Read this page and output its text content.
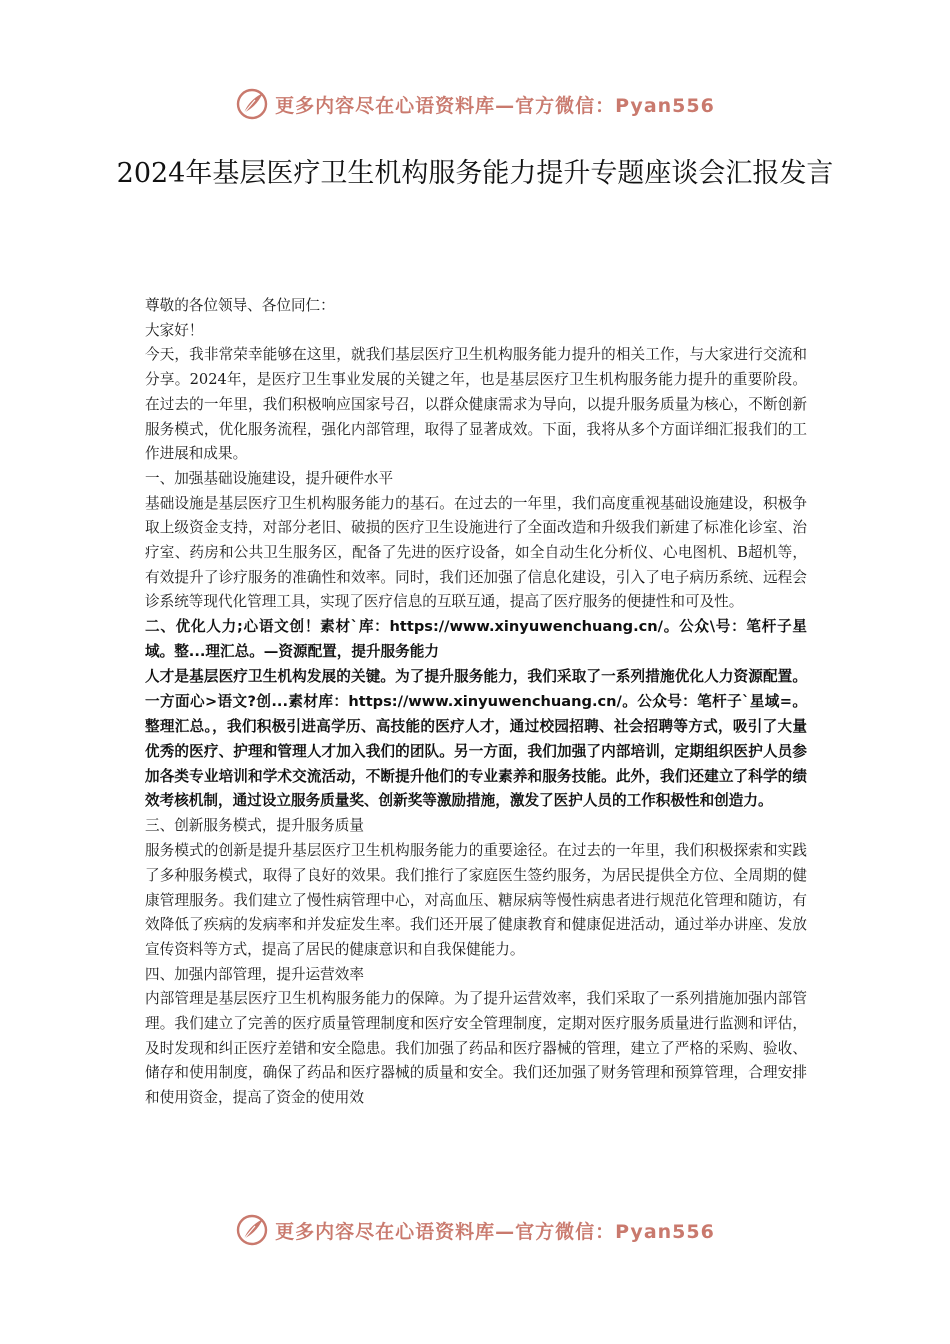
更多内容尽在心语资料库—官方微信：Pyan556
2024年基层医疗卫生机构服务能力提升专题座谈会汇报发言

尊敬的各位领导、各位同仁：

大家好！

今天，我非常荣幸能够在这里，就我们基层医疗卫生机构服务能力提升的相关工作，与大家进行交流和分享。2024年，是医疗卫生事业发展的关键之年，也是基层医疗卫生机构服务能力提升的重要阶段。在过去的一年里，我们积极响应国家号召，以群众健康需求为导向，以提升服务质量为核心，不断创新服务模式，优化服务流程，强化内部管理，取得了显著成效。下面，我将从多个方面详细汇报我们的工作进展和成果。

一、加强基础设施建设，提升硬件水平

基础设施是基层医疗卫生机构服务能力的基石。在过去的一年里，我们高度重视基础设施建设，积极争取上级资金支持，对部分老旧、破损的医疗卫生设施进行了全面改造和升级我们新建了标准化诊室、治疗室、药房和公共卫生服务区，配备了先进的医疗设备，如全自动生化分析仪、心电图机、B超机等，有效提升了诊疗服务的准确性和效率。同时，我们还加强了信息化建设，引入了电子病历系统、远程会诊系统等现代化管理工具，实现了医疗信息的互联互通，提高了医疗服务的便捷性和可及性。

二、优化人力;心语文创！素材`库：https://www.xinyuwenchuang.cn/。公众\号：笔杆子星域。整...理汇总。—资源配置，提升服务能力

人才是基层医疗卫生机构发展的关键。为了提升服务能力，我们采取了一系列措施优化人力资源配置。一方面心>语文?创...素材库：https://www.xinyuwenchuang.cn/。公众号：笔杆子`星域=。整理汇总。，我们积极引进高学历、高技能的医疗人才，通过校园招聘、社会招聘等方式，吸引了大量优秀的医疗、护理和管理人才加入我们的团队。另一方面，我们加强了内部培训，定期组织医护人员参加各类专业培训和学术交流活动，不断提升他们的专业素养和服务技能。此外，我们还建立了科学的绩效考核机制，通过设立服务质量奖、创新奖等激励措施，激发了医护人员的工作积极性和创造力。

三、创新服务模式，提升服务质量

服务模式的创新是提升基层医疗卫生机构服务能力的重要途径。在过去的一年里，我们积极探索和实践了多种服务模式，取得了良好的效果。我们推行了家庭医生签约服务，为居民提供全方位、全周期的健康管理服务。我们建立了慢性病管理中心，对高血压、糖尿病等慢性病患者进行规范化管理和随访，有效降低了疾病的发病率和并发症发生率。我们还开展了健康教育和健康促进活动，通过举办讲座、发放宣传资料等方式，提高了居民的健康意识和自我保健能力。

四、加强内部管理，提升运营效率

内部管理是基层医疗卫生机构服务能力的保障。为了提升运营效率，我们采取了一系列措施加强内部管理。我们建立了完善的医疗质量管理制度和医疗安全管理制度，定期对医疗服务质量进行监测和评估，及时发现和纠正医疗差错和安全隐患。我们加强了药品和医疗器械的管理，建立了严格的采购、验收、储存和使用制度，确保了药品和医疗器械的质量和安全。我们还加强了财务管理和预算管理，合理安排和使用资金，提高了资金的使用效

更多内容尽在心语资料库—官方微信：Pyan556
